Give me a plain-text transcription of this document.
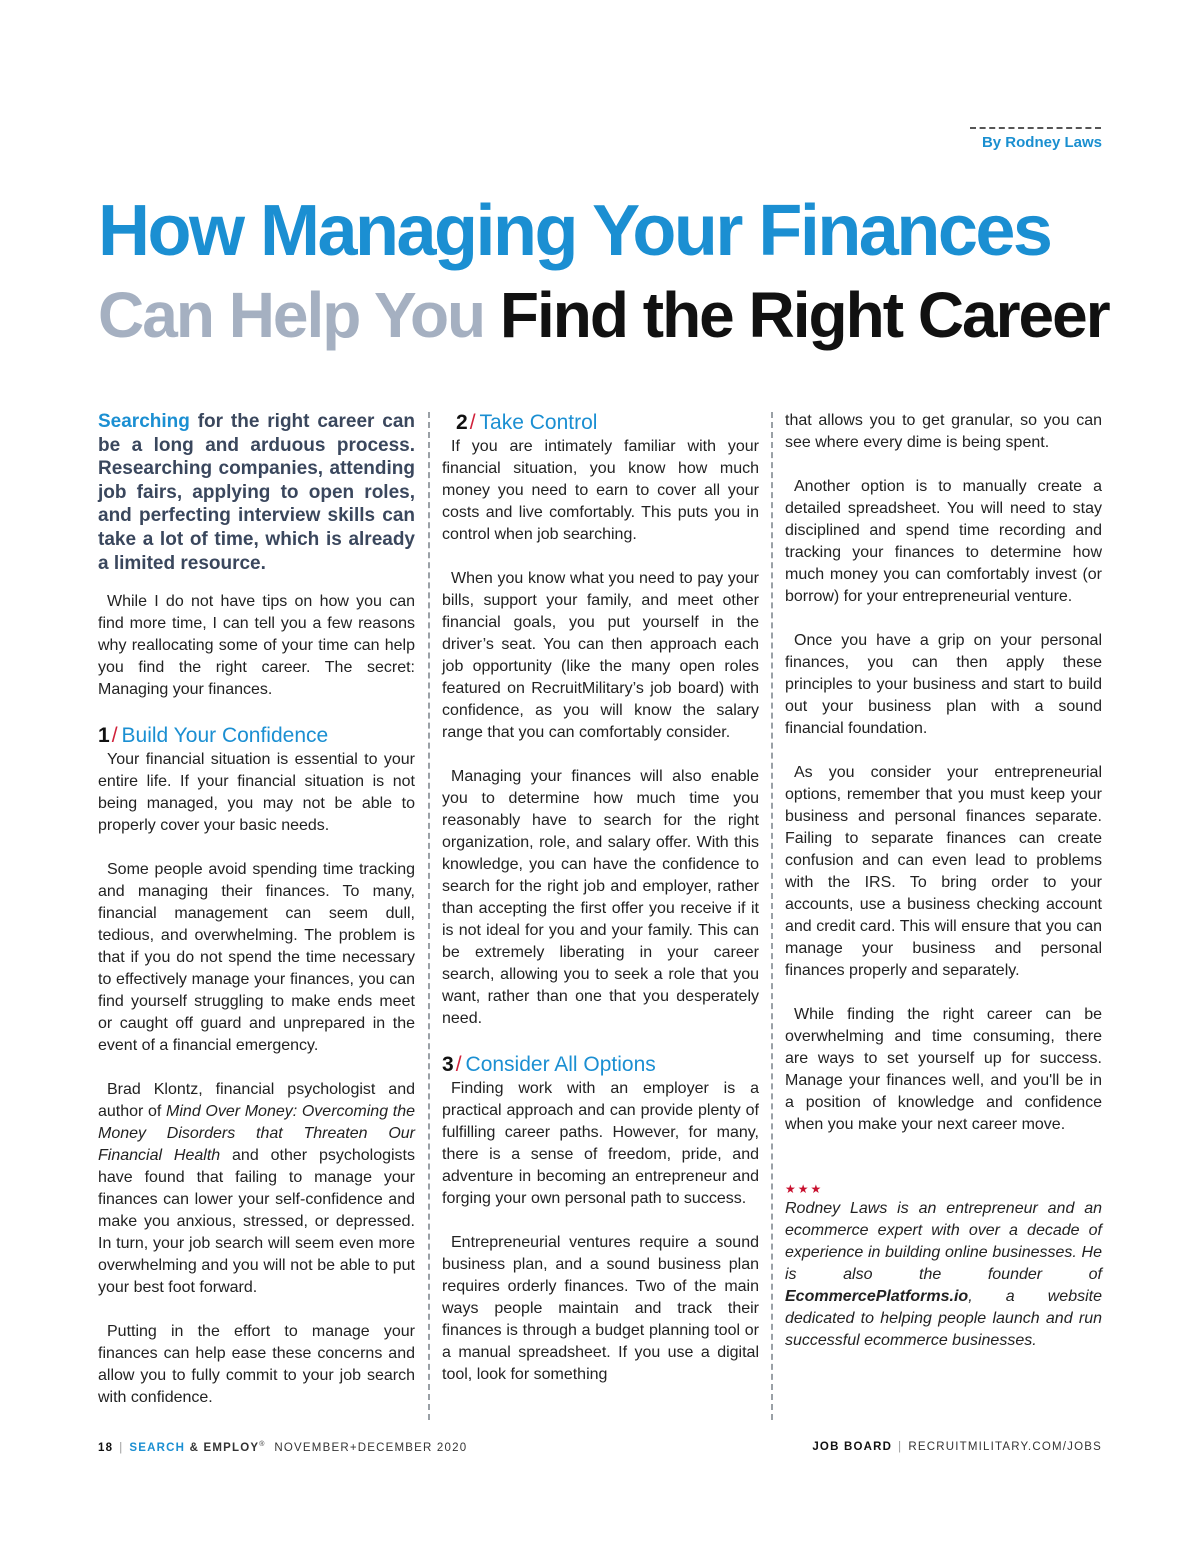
By Rodney Laws
How Managing Your Finances
Can Help You Find the Right Career
Searching for the right career can be a long and arduous process. Researching companies, attending job fairs, applying to open roles, and perfecting interview skills can take a lot of time, which is already a limited resource.

While I do not have tips on how you can find more time, I can tell you a few reasons why reallocating some of your time can help you find the right career. The secret: Managing your finances.

1/ Build Your Confidence

Your financial situation is essential to your entire life. If your financial situation is not being managed, you may not be able to properly cover your basic needs.

Some people avoid spending time tracking and managing their finances. To many, financial management can seem dull, tedious, and overwhelming. The problem is that if you do not spend the time necessary to effectively manage your finances, you can find yourself struggling to make ends meet or caught off guard and unprepared in the event of a financial emergency.

Brad Klontz, financial psychologist and author of Mind Over Money: Overcoming the Money Disorders that Threaten Our Financial Health and other psychologists have found that failing to manage your finances can lower your self-confidence and make you anxious, stressed, or depressed. In turn, your job search will seem even more overwhelming and you will not be able to put your best foot forward.

Putting in the effort to manage your finances can help ease these concerns and allow you to fully commit to your job search with confidence.

2/ Take Control

If you are intimately familiar with your financial situation, you know how much money you need to earn to cover all your costs and live comfortably. This puts you in control when job searching.

When you know what you need to pay your bills, support your family, and meet other financial goals, you put yourself in the driver’s seat. You can then approach each job opportunity (like the many open roles featured on RecruitMilitary’s job board) with confidence, as you will know the salary range that you can comfortably consider.

Managing your finances will also enable you to determine how much time you reasonably have to search for the right organization, role, and salary offer. With this knowledge, you can have the confidence to search for the right job and employer, rather than accepting the first offer you receive if it is not ideal for you and your family. This can be extremely liberating in your career search, allowing you to seek a role that you want, rather than one that you desperately need.

3/ Consider All Options

Finding work with an employer is a practical approach and can provide plenty of fulfilling career paths. However, for many, there is a sense of freedom, pride, and adventure in becoming an entrepreneur and forging your own personal path to success.

Entrepreneurial ventures require a sound business plan, and a sound business plan requires orderly finances. Two of the main ways people maintain and track their finances is through a budget planning tool or a manual spreadsheet. If you use a digital tool, look for something

that allows you to get granular, so you can see where every dime is being spent.

Another option is to manually create a detailed spreadsheet. You will need to stay disciplined and spend time recording and tracking your finances to determine how much money you can comfortably invest (or borrow) for your entrepreneurial venture.

Once you have a grip on your personal finances, you can then apply these principles to your business and start to build out your business plan with a sound financial foundation.

As you consider your entrepreneurial options, remember that you must keep your business and personal finances separate. Failing to separate finances can create confusion and can even lead to problems with the IRS. To bring order to your accounts, use a business checking account and credit card. This will ensure that you can manage your business and personal finances properly and separately.

While finding the right career can be overwhelming and time consuming, there are ways to set yourself up for success. Manage your finances well, and you'll be in a position of knowledge and confidence when you make your next career move.

★★★

Rodney Laws is an entrepreneur and an ecommerce expert with over a decade of experience in building online businesses. He is also the founder of EcommercePlatforms.io, a website dedicated to helping people launch and run successful ecommerce businesses.

18 | SEARCH & EMPLOY® NOVEMBER+DECEMBER 2020	JOB BOARD | RECRUITMILITARY.COM/JOBS
